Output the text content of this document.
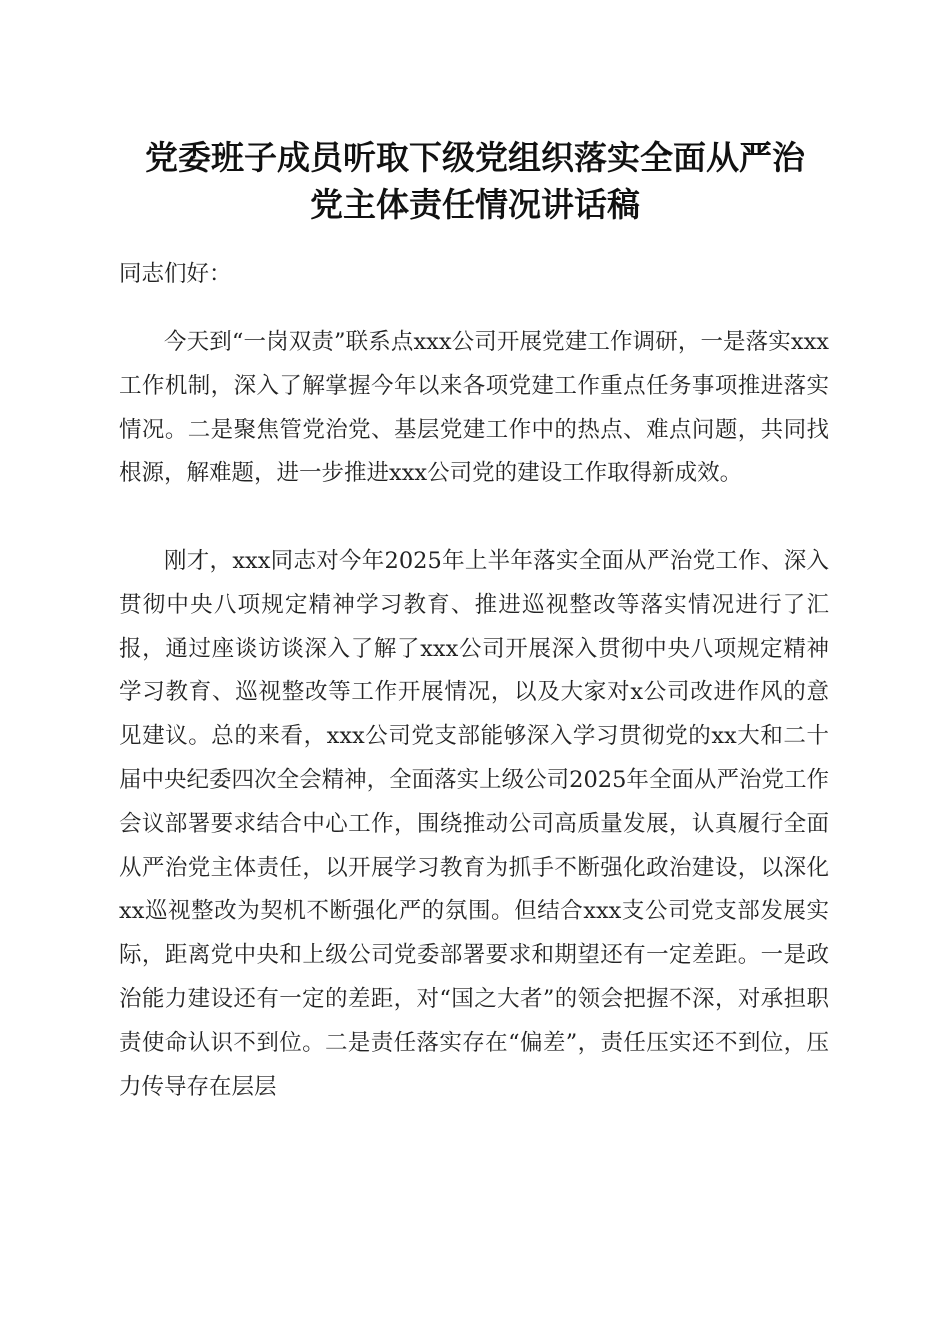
党委班子成员听取下级党组织落实全面从严治
党主体责任情况讲话稿
同志们好：

今天到“一岗双责”联系点xxx公司开展党建工作调研，一是落实xxx工作机制，深入了解掌握今年以来各项党建工作重点任务事项推进落实情况。二是聚焦管党治党、基层党建工作中的热点、难点问题，共同找根源，解难题，进一步推进xxx公司党的建设工作取得新成效。

刚才，xxx同志对今年2025年上半年落实全面从严治党工作、深入贯彻中央八项规定精神学习教育、推进巡视整改等落实情况进行了汇报，通过座谈访谈深入了解了xxx公司开展深入贯彻中央八项规定精神学习教育、巡视整改等工作开展情况，以及大家对x公司改进作风的意见建议。总的来看，xxx公司党支部能够深入学习贯彻党的xx大和二十届中央纪委四次全会精神，全面落实上级公司2025年全面从严治党工作会议部署要求结合中心工作，围绕推动公司高质量发展，认真履行全面从严治党主体责任，以开展学习教育为抓手不断强化政治建设，以深化xx巡视整改为契机不断强化严的氛围。但结合xxx支公司党支部发展实际，距离党中央和上级公司党委部署要求和期望还有一定差距。一是政治能力建设还有一定的差距，对“国之大者”的领会把握不深，对承担职责使命认识不到位。二是责任落实存在“偏差”，责任压实还不到位，压力传导存在层层
